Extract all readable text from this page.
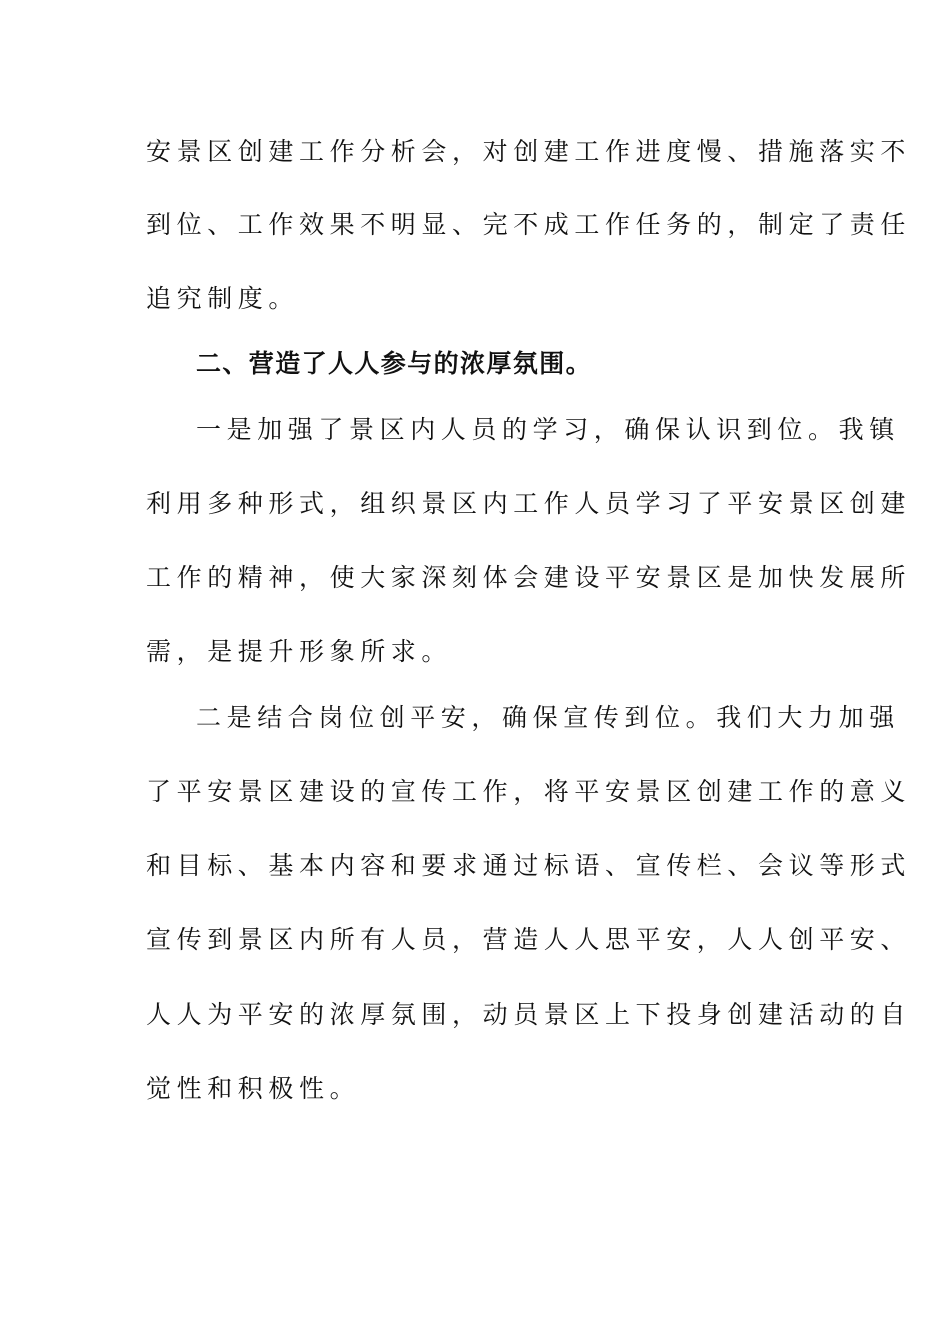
安景区创建工作分析会，对创建工作进度慢、措施落实不
到位、工作效果不明显、完不成工作任务的，制定了责任
追究制度。
二、营造了人人参与的浓厚氛围。
一是加强了景区内人员的学习，确保认识到位。我镇
利用多种形式，组织景区内工作人员学习了平安景区创建
工作的精神，使大家深刻体会建设平安景区是加快发展所
需，是提升形象所求。
二是结合岗位创平安，确保宣传到位。我们大力加强
了平安景区建设的宣传工作，将平安景区创建工作的意义
和目标、基本内容和要求通过标语、宣传栏、会议等形式
宣传到景区内所有人员，营造人人思平安，人人创平安、
人人为平安的浓厚氛围，动员景区上下投身创建活动的自
觉性和积极性。
